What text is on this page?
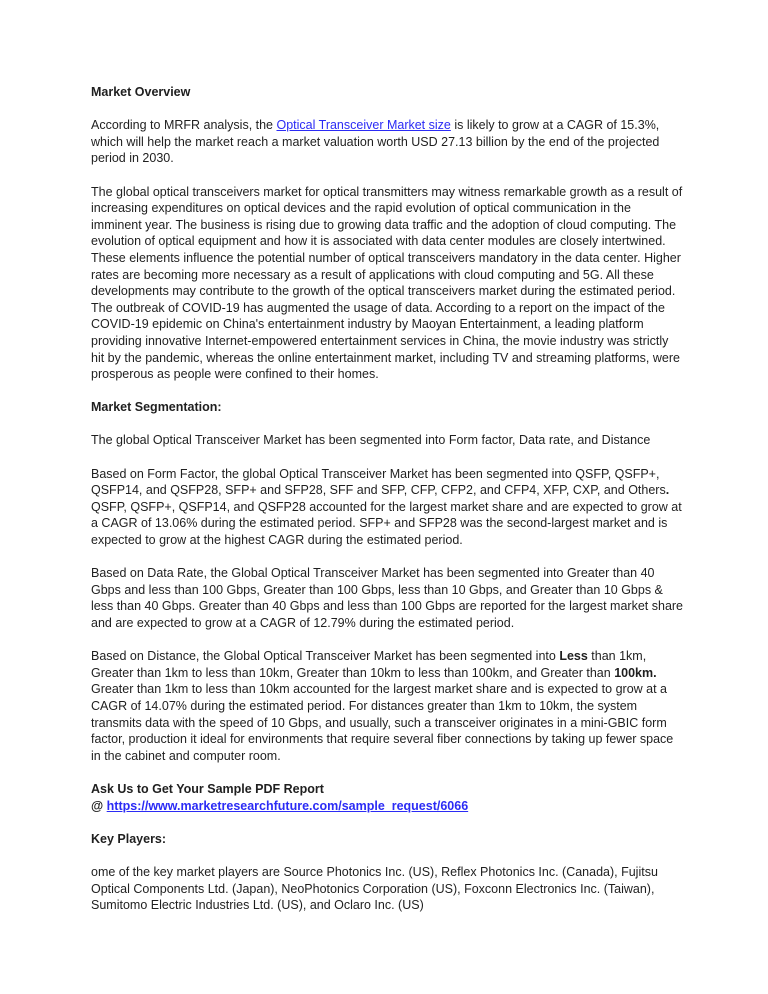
Market Overview

According to MRFR analysis, the Optical Transceiver Market size is likely to grow at a CAGR of 15.3%, which will help the market reach a market valuation worth USD 27.13 billion by the end of the projected period in 2030.

The global optical transceivers market for optical transmitters may witness remarkable growth as a result of increasing expenditures on optical devices and the rapid evolution of optical communication in the imminent year. The business is rising due to growing data traffic and the adoption of cloud computing. The evolution of optical equipment and how it is associated with data center modules are closely intertwined. These elements influence the potential number of optical transceivers mandatory in the data center. Higher rates are becoming more necessary as a result of applications with cloud computing and 5G. All these developments may contribute to the growth of the optical transceivers market during the estimated period. The outbreak of COVID-19 has augmented the usage of data. According to a report on the impact of the COVID-19 epidemic on China's entertainment industry by Maoyan Entertainment, a leading platform providing innovative Internet-empowered entertainment services in China, the movie industry was strictly hit by the pandemic, whereas the online entertainment market, including TV and streaming platforms, were prosperous as people were confined to their homes.

Market Segmentation:

The global Optical Transceiver Market has been segmented into Form factor, Data rate, and Distance

Based on Form Factor, the global Optical Transceiver Market has been segmented into QSFP, QSFP+, QSFP14, and QSFP28, SFP+ and SFP28, SFF and SFP, CFP, CFP2, and CFP4, XFP, CXP, and Others. QSFP, QSFP+, QSFP14, and QSFP28 accounted for the largest market share and are expected to grow at a CAGR of 13.06% during the estimated period. SFP+ and SFP28 was the second-largest market and is expected to grow at the highest CAGR during the estimated period.

Based on Data Rate, the Global Optical Transceiver Market has been segmented into Greater than 40 Gbps and less than 100 Gbps, Greater than 100 Gbps, less than 10 Gbps, and Greater than 10 Gbps & less than 40 Gbps. Greater than 40 Gbps and less than 100 Gbps are reported for the largest market share and are expected to grow at a CAGR of 12.79% during the estimated period.

Based on Distance, the Global Optical Transceiver Market has been segmented into Less than 1km, Greater than 1km to less than 10km, Greater than 10km to less than 100km, and Greater than 100km. Greater than 1km to less than 10km accounted for the largest market share and is expected to grow at a CAGR of 14.07% during the estimated period. For distances greater than 1km to 10km, the system transmits data with the speed of 10 Gbps, and usually, such a transceiver originates in a mini-GBIC form factor, production it ideal for environments that require several fiber connections by taking up fewer space in the cabinet and computer room.

Ask Us to Get Your Sample PDF Report
@ https://www.marketresearchfuture.com/sample_request/6066

Key Players:

ome of the key market players are Source Photonics Inc. (US), Reflex Photonics Inc. (Canada), Fujitsu Optical Components Ltd. (Japan), NeoPhotonics Corporation (US), Foxconn Electronics Inc. (Taiwan), Sumitomo Electric Industries Ltd. (US), and Oclaro Inc. (US)
